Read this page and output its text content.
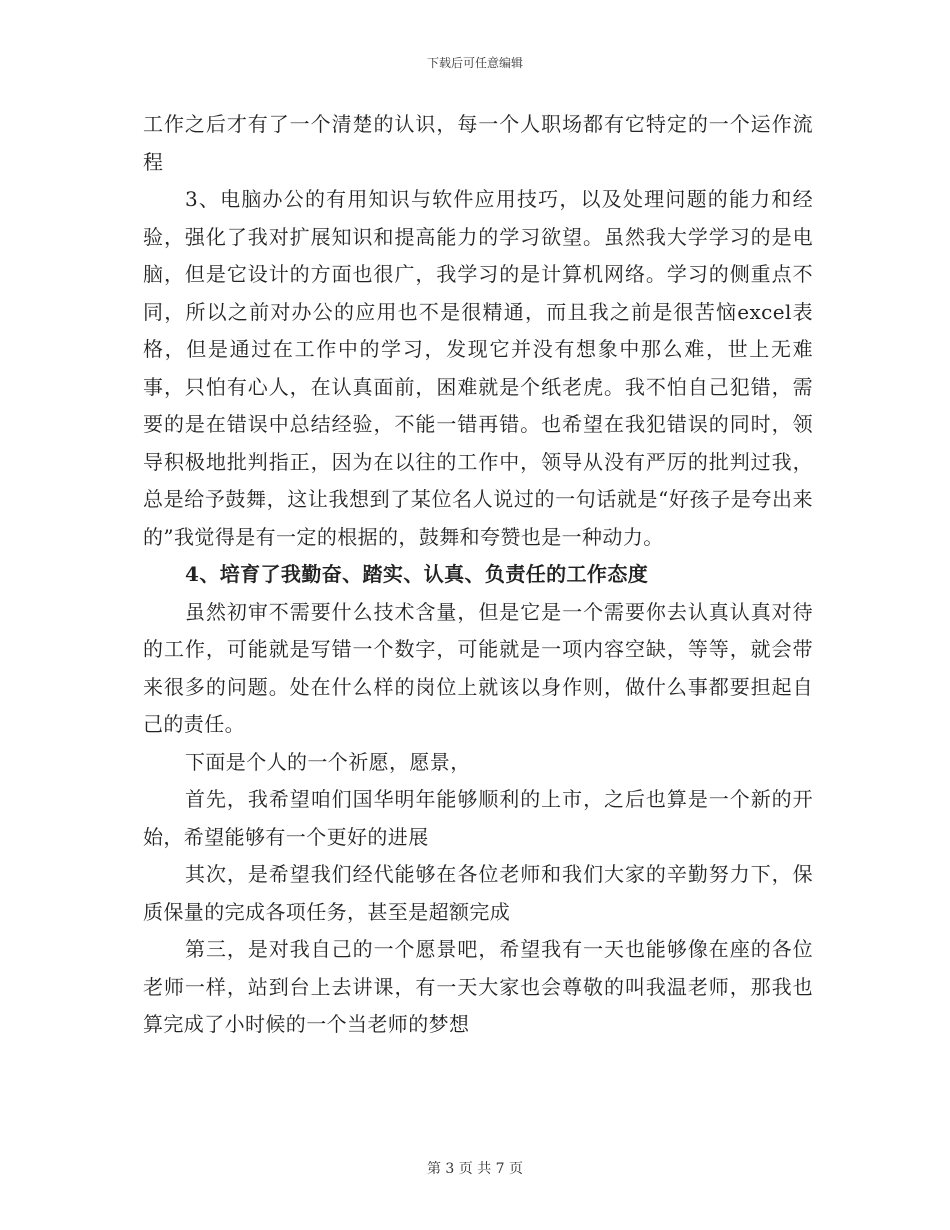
下载后可任意编辑

工作之后才有了一个清楚的认识，每一个人职场都有它特定的一个运作流程

3、电脑办公的有用知识与软件应用技巧，以及处理问题的能力和经验，强化了我对扩展知识和提高能力的学习欲望。虽然我大学学习的是电脑，但是它设计的方面也很广，我学习的是计算机网络。学习的侧重点不同，所以之前对办公的应用也不是很精通，而且我之前是很苦恼excel表格，但是通过在工作中的学习，发现它并没有想象中那么难，世上无难事，只怕有心人，在认真面前，困难就是个纸老虎。我不怕自己犯错，需要的是在错误中总结经验，不能一错再错。也希望在我犯错误的同时，领导积极地批判指正，因为在以往的工作中，领导从没有严厉的批判过我，总是给予鼓舞，这让我想到了某位名人说过的一句话就是“好孩子是夸出来的”我觉得是有一定的根据的，鼓舞和夸赞也是一种动力。

4、培育了我勤奋、踏实、认真、负责任的工作态度

虽然初审不需要什么技术含量，但是它是一个需要你去认真认真对待的工作，可能就是写错一个数字，可能就是一项内容空缺，等等，就会带来很多的问题。处在什么样的岗位上就该以身作则，做什么事都要担起自己的责任。

下面是个人的一个祈愿，愿景，

首先，我希望咱们国华明年能够顺利的上市，之后也算是一个新的开始，希望能够有一个更好的进展

其次，是希望我们经代能够在各位老师和我们大家的辛勤努力下，保质保量的完成各项任务，甚至是超额完成

第三，是对我自己的一个愿景吧，希望我有一天也能够像在座的各位老师一样，站到台上去讲课，有一天大家也会尊敬的叫我温老师，那我也算完成了小时候的一个当老师的梦想

第 3 页 共 7 页
